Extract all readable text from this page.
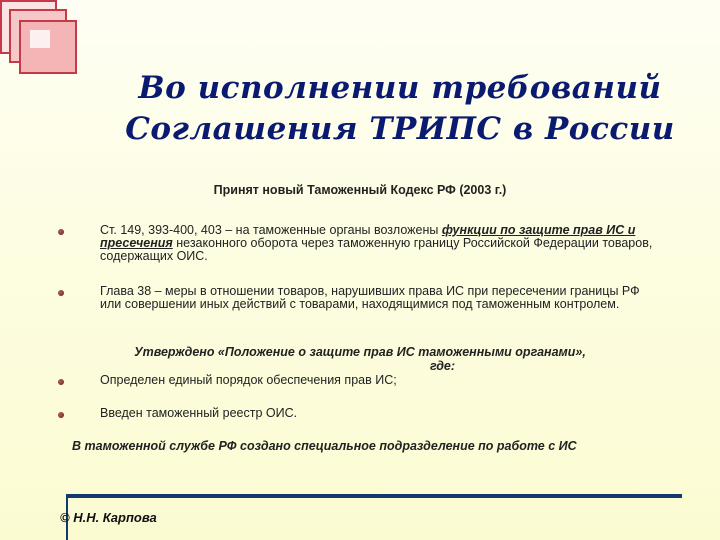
Во исполнении требований
Соглашения ТРИПС в России
Принят новый Таможенный Кодекс РФ (2003 г.)
Ст. 149, 393-400, 403 – на таможенные органы возложены функции по защите прав ИС и пресечения незаконного оборота через таможенную границу Российской Федерации товаров, содержащих ОИС.
Глава 38 – меры в отношении товаров, нарушивших права ИС при пересечении границы РФ или совершении иных действий с товарами, находящимися под таможенным контролем.
Утверждено «Положение о защите прав ИС таможенными органами»,
где:
Определен единый порядок обеспечения прав ИС;
Введен таможенный реестр ОИС.
В таможенной службе РФ создано специальное подразделение по работе с ИС
© Н.Н. Карпова
